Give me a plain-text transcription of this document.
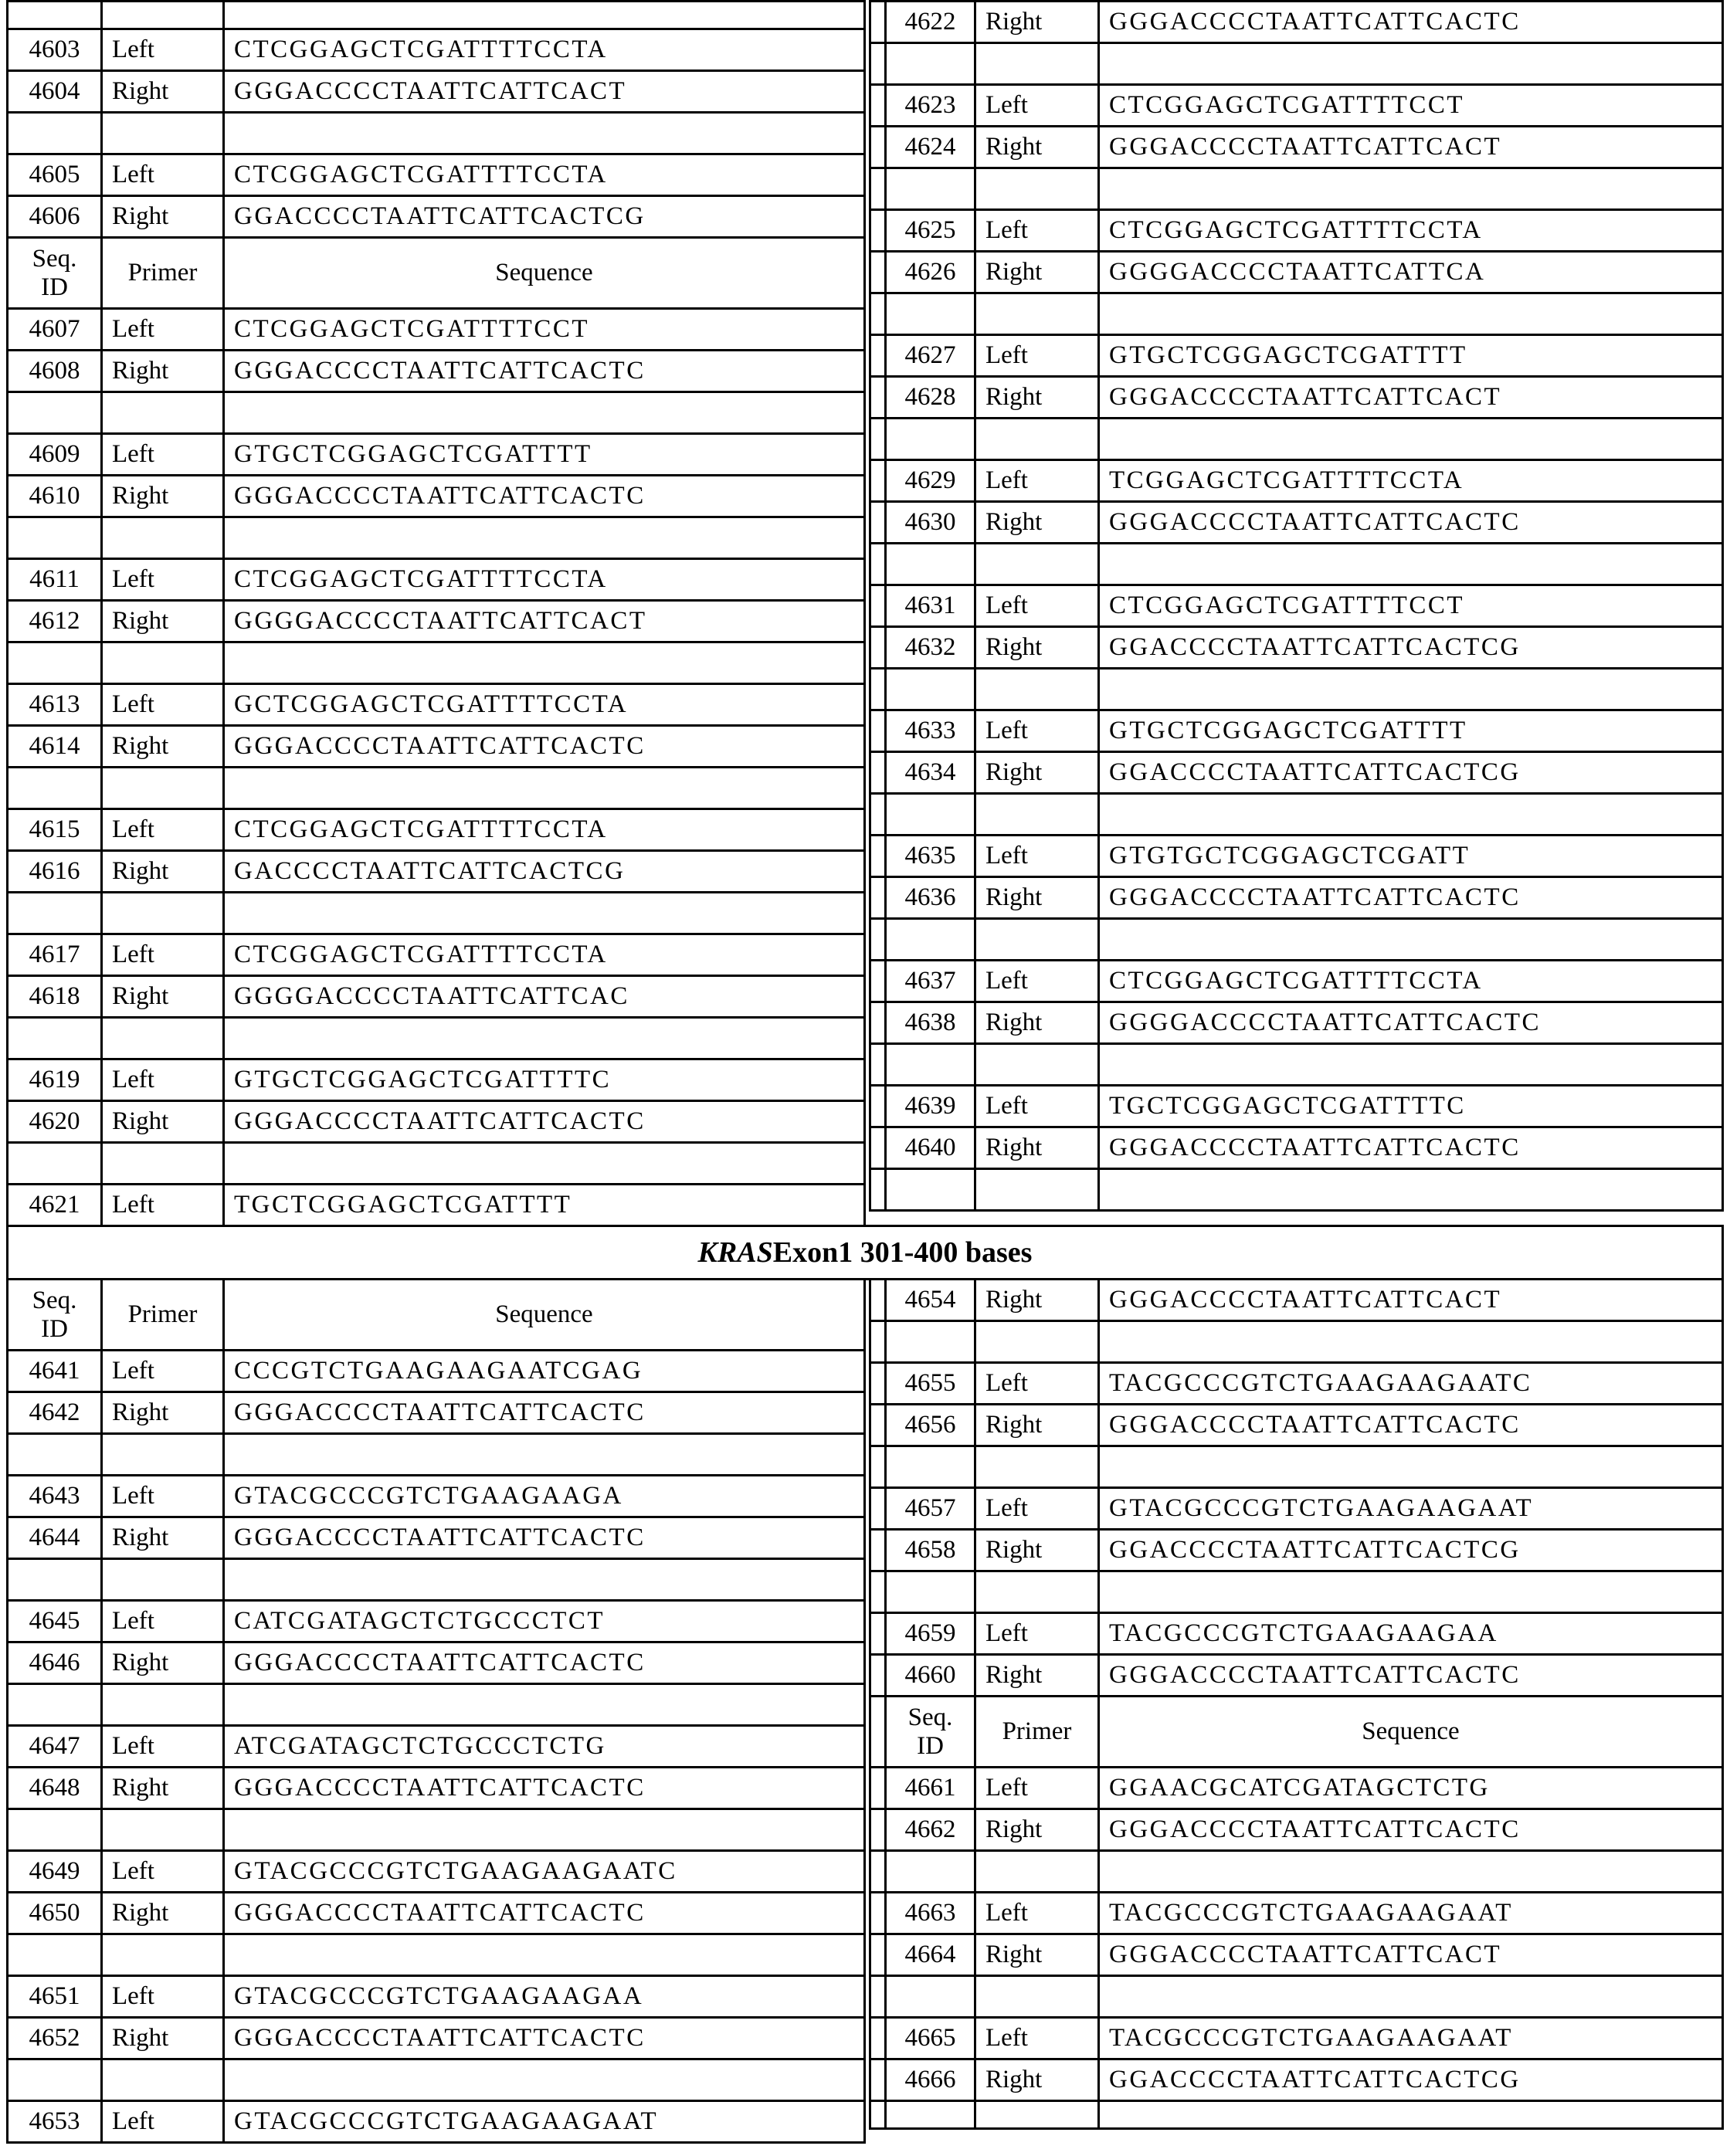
4603	Left	CTCGGAGCTCGATTTTCCTA
4604	Right	GGGACCCCTAATTCATTCACT

4605	Left	CTCGGAGCTCGATTTTCCTA
4606	Right	GGACCCCTAATTCATTCACTCG
Seq.
ID	Primer	Sequence
4607	Left	CTCGGAGCTCGATTTTCCT
4608	Right	GGGACCCCTAATTCATTCACTC

4609	Left	GTGCTCGGAGCTCGATTTT
4610	Right	GGGACCCCTAATTCATTCACTC

4611	Left	CTCGGAGCTCGATTTTCCTA
4612	Right	GGGGACCCCTAATTCATTCACT

4613	Left	GCTCGGAGCTCGATTTTCCTA
4614	Right	GGGACCCCTAATTCATTCACTC

4615	Left	CTCGGAGCTCGATTTTCCTA
4616	Right	GACCCCTAATTCATTCACTCG

4617	Left	CTCGGAGCTCGATTTTCCTA
4618	Right	GGGGACCCCTAATTCATTCAC

4619	Left	GTGCTCGGAGCTCGATTTTC
4620	Right	GGGACCCCTAATTCATTCACTC

4621	Left	TGCTCGGAGCTCGATTTT
	4622	Right	GGGACCCCTAATTCATTCACTC

	4623	Left	CTCGGAGCTCGATTTTCCT
	4624	Right	GGGACCCCTAATTCATTCACT

	4625	Left	CTCGGAGCTCGATTTTCCTA
	4626	Right	GGGGACCCCTAATTCATTCA

	4627	Left	GTGCTCGGAGCTCGATTTT
	4628	Right	GGGACCCCTAATTCATTCACT

	4629	Left	TCGGAGCTCGATTTTCCTA
	4630	Right	GGGACCCCTAATTCATTCACTC

	4631	Left	CTCGGAGCTCGATTTTCCT
	4632	Right	GGACCCCTAATTCATTCACTCG

	4633	Left	GTGCTCGGAGCTCGATTTT
	4634	Right	GGACCCCTAATTCATTCACTCG

	4635	Left	GTGTGCTCGGAGCTCGATT
	4636	Right	GGGACCCCTAATTCATTCACTC

	4637	Left	CTCGGAGCTCGATTTTCCTA
	4638	Right	GGGGACCCCTAATTCATTCACTC

	4639	Left	TGCTCGGAGCTCGATTTTC
	4640	Right	GGGACCCCTAATTCATTCACTC

KRAS Exon1 301-400 bases
Seq.
ID	Primer	Sequence
4641	Left	CCCGTCTGAAGAAGAATCGAG
4642	Right	GGGACCCCTAATTCATTCACTC

4643	Left	GTACGCCCGTCTGAAGAAGA
4644	Right	GGGACCCCTAATTCATTCACTC

4645	Left	CATCGATAGCTCTGCCCTCT
4646	Right	GGGACCCCTAATTCATTCACTC

4647	Left	ATCGATAGCTCTGCCCTCTG
4648	Right	GGGACCCCTAATTCATTCACTC

4649	Left	GTACGCCCGTCTGAAGAAGAATC
4650	Right	GGGACCCCTAATTCATTCACTC

4651	Left	GTACGCCCGTCTGAAGAAGAA
4652	Right	GGGACCCCTAATTCATTCACTC

4653	Left	GTACGCCCGTCTGAAGAAGAAT
	4654	Right	GGGACCCCTAATTCATTCACT

	4655	Left	TACGCCCGTCTGAAGAAGAATC
	4656	Right	GGGACCCCTAATTCATTCACTC

	4657	Left	GTACGCCCGTCTGAAGAAGAAT
	4658	Right	GGACCCCTAATTCATTCACTCG

	4659	Left	TACGCCCGTCTGAAGAAGAA
	4660	Right	GGGACCCCTAATTCATTCACTC
	Seq.
ID	Primer	Sequence
	4661	Left	GGAACGCATCGATAGCTCTG
	4662	Right	GGGACCCCTAATTCATTCACTC

	4663	Left	TACGCCCGTCTGAAGAAGAAT
	4664	Right	GGGACCCCTAATTCATTCACT

	4665	Left	TACGCCCGTCTGAAGAAGAAT
	4666	Right	GGACCCCTAATTCATTCACTCG
